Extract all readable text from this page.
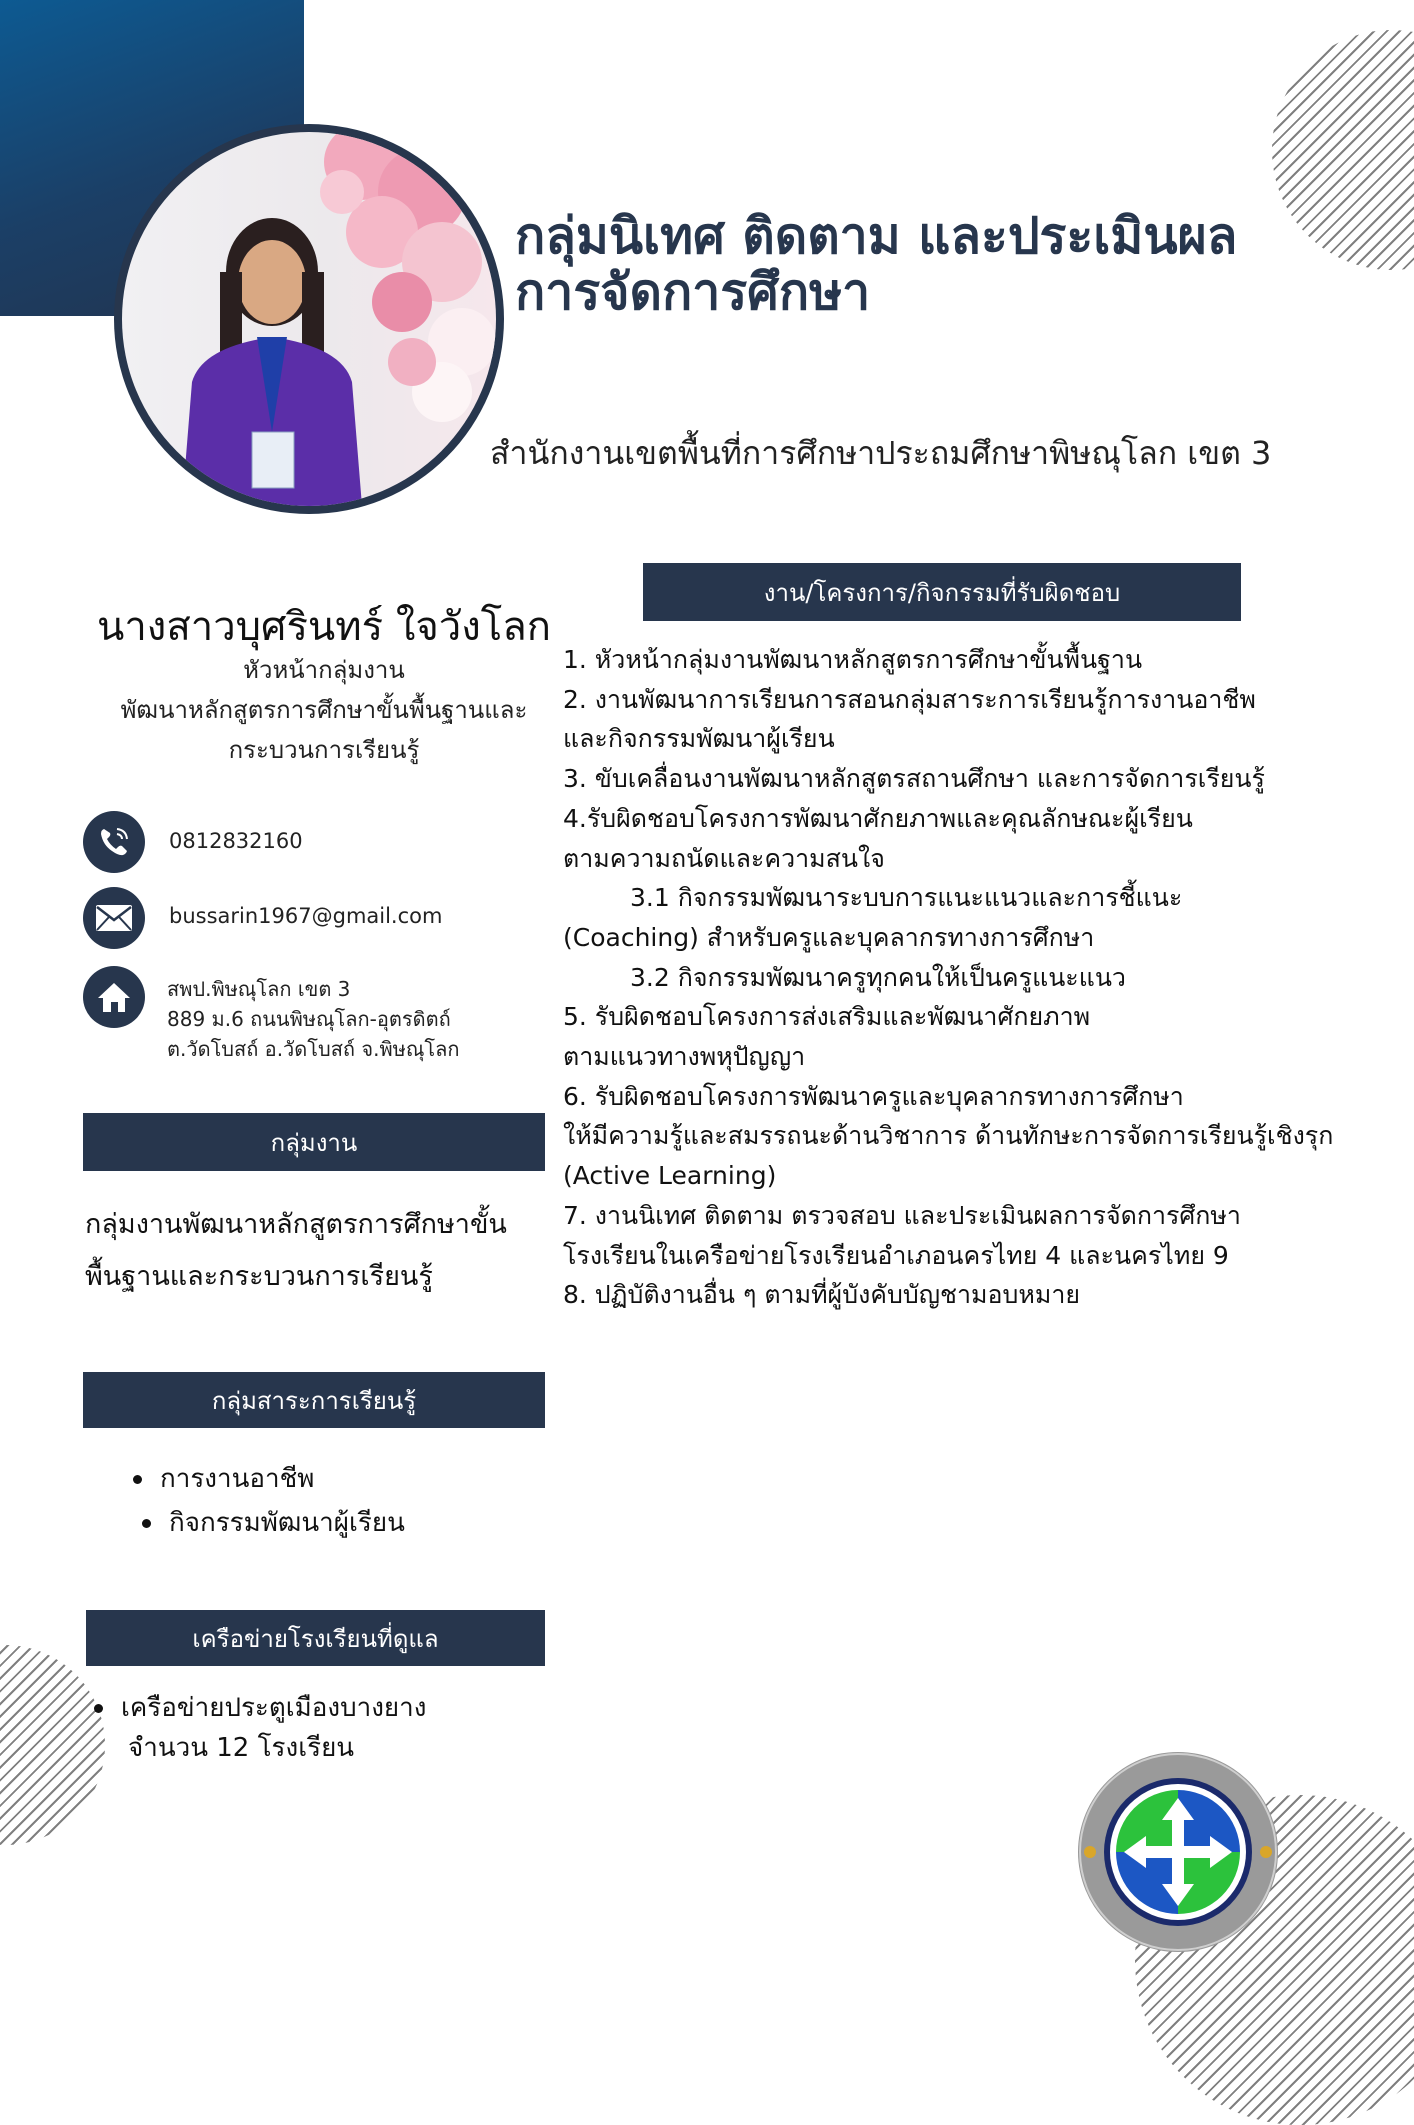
กลุ่มนิเทศ ติดตาม และประเมินผล
การจัดการศึกษา
สำนักงานเขตพื้นที่การศึกษาประถมศึกษาพิษณุโลก เขต 3
นางสาวบุศรินทร์ ใจวังโลก
หัวหน้ากลุ่มงาน
พัฒนาหลักสูตรการศึกษาขั้นพื้นฐานและ
กระบวนการเรียนรู้
0812832160
bussarin1967@gmail.com
สพป.พิษณุโลก เขต 3
889 ม.6 ถนนพิษณุโลก-อุตรดิตถ์
ต.วัดโบสถ์ อ.วัดโบสถ์ จ.พิษณุโลก
กลุ่มงาน
กลุ่มงานพัฒนาหลักสูตรการศึกษาขั้น
พื้นฐานและกระบวนการเรียนรู้
กลุ่มสาระการเรียนรู้
การงานอาชีพ
กิจกรรมพัฒนาผู้เรียน
เครือข่ายโรงเรียนที่ดูแล
เครือข่ายประตูเมืองบางยาง
จำนวน 12 โรงเรียน
งาน/โครงการ/กิจกรรมที่รับผิดชอบ
1. หัวหน้ากลุ่มงานพัฒนาหลักสูตรการศึกษาขั้นพื้นฐาน
2. งานพัฒนาการเรียนการสอนกลุ่มสาระการเรียนรู้การงานอาชีพ
และกิจกรรมพัฒนาผู้เรียน
3. ขับเคลื่อนงานพัฒนาหลักสูตรสถานศึกษา และการจัดการเรียนรู้
4.รับผิดชอบโครงการพัฒนาศักยภาพและคุณลักษณะผู้เรียน
ตามความถนัดและความสนใจ
3.1 กิจกรรมพัฒนาระบบการแนะแนวและการชี้แนะ
(Coaching) สำหรับครูและบุคลากรทางการศึกษา
3.2 กิจกรรมพัฒนาครูทุกคนให้เป็นครูแนะแนว
5. รับผิดชอบโครงการส่งเสริมและพัฒนาศักยภาพ
ตามแนวทางพหุปัญญา
6. รับผิดชอบโครงการพัฒนาครูและบุคลากรทางการศึกษา
ให้มีความรู้และสมรรถนะด้านวิชาการ ด้านทักษะการจัดการเรียนรู้เชิงรุก
(Active Learning)
7. งานนิเทศ ติดตาม ตรวจสอบ และประเมินผลการจัดการศึกษา
โรงเรียนในเครือข่ายโรงเรียนอำเภอนครไทย 4 และนครไทย 9
8. ปฏิบัติงานอื่น ๆ ตามที่ผู้บังคับบัญชามอบหมาย
